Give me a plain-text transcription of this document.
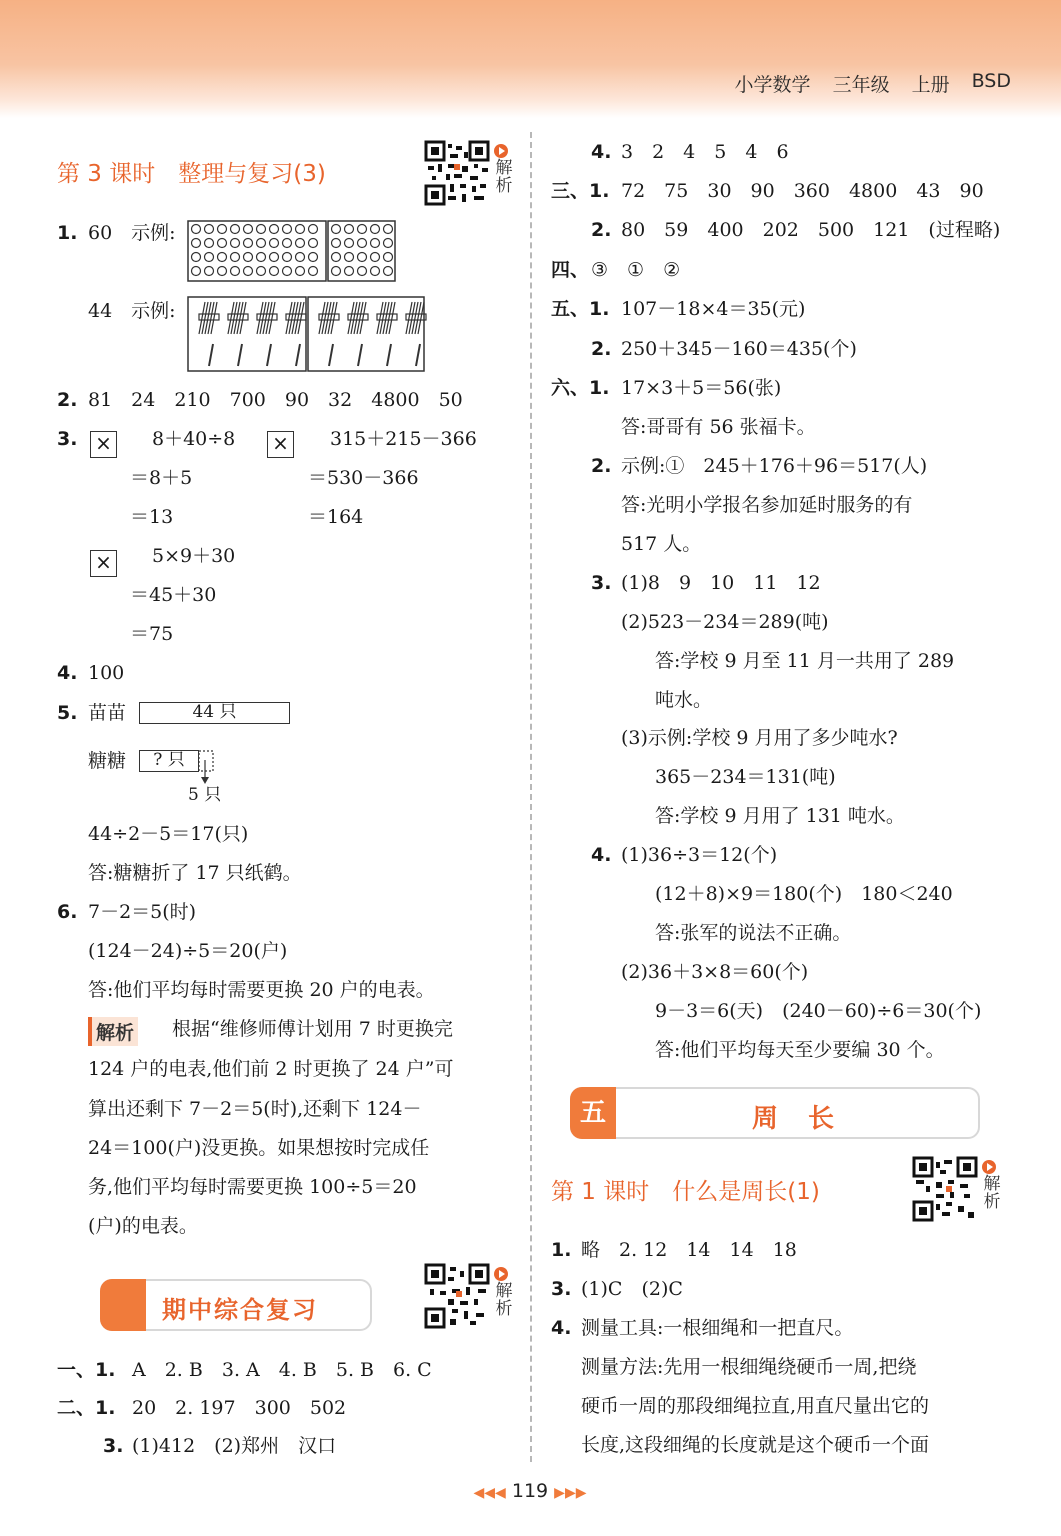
小学数学 三年级 上册 BSD
第 3 课时　整理与复习(3)	解析
1. 60　示例:
44　示例:
2. 81　24　210　700　90　32　4800　50
3. × 8＋40÷8
＝8＋5
＝13
× 315＋215－366
＝530－366
＝164
× 5×9＋30
＝45＋30
＝75
4. 100
5. 苗苗	44 只
糖糖	? 只
5 只
44÷2－5＝17(只)
答:糖糖折了 17 只纸鹤。
6. 7－2＝5(时)
(124－24)÷5＝20(户)
答:他们平均每时需要更换 20 户的电表。
解析 根据“维修师傅计划用 7 时更换完
124 户的电表,他们前 2 时更换了 24 户”可
算出还剩下 7－2＝5(时),还剩下 124－
24＝100(户)没更换。如果想按时完成任
务,他们平均每时需要更换 100÷5＝20
(户)的电表。
期中综合复习
解析
一、1. A　2. B　3. A　4. B　5. B　6. C
二、1. 20　2. 197　300　502
3. (1)412　(2)郑州　汉口
4. 3　2　4　5　4　6
三、1. 72　75　30　90　360　4800　43　90
2. 80　59　400　202　500　121　(过程略)
四、 ③　①　②
五、1. 107－18×4＝35(元)
2. 250＋345－160＝435(个)
六、1. 17×3＋5＝56(张)
答:哥哥有 56 张福卡。
2. 示例:①　245＋176＋96＝517(人)
答:光明小学报名参加延时服务的有
517 人。
3. (1)8　9　10　11　12
(2)523－234＝289(吨)
答:学校 9 月至 11 月一共用了 289
吨水。
(3)示例:学校 9 月用了多少吨水?
365－234＝131(吨)
答:学校 9 月用了 131 吨水。
4. (1)36÷3＝12(个)
(12＋8)×9＝180(个)　180＜240
答:张军的说法不正确。
(2)36＋3×8＝60(个)
9－3＝6(天)　(240－60)÷6＝30(个)
答:他们平均每天至少要编 30 个。
五	周长
第 1 课时　什么是周长(1)	解析
1. 略　2. 12　14　14　18
3. (1)C　(2)C
4. 测量工具:一根细绳和一把直尺。
测量方法:先用一根细绳绕硬币一周,把绕
硬币一周的那段细绳拉直,用直尺量出它的
长度,这段细绳的长度就是这个硬币一个面
◀◀◀ 119 ▶▶▶
